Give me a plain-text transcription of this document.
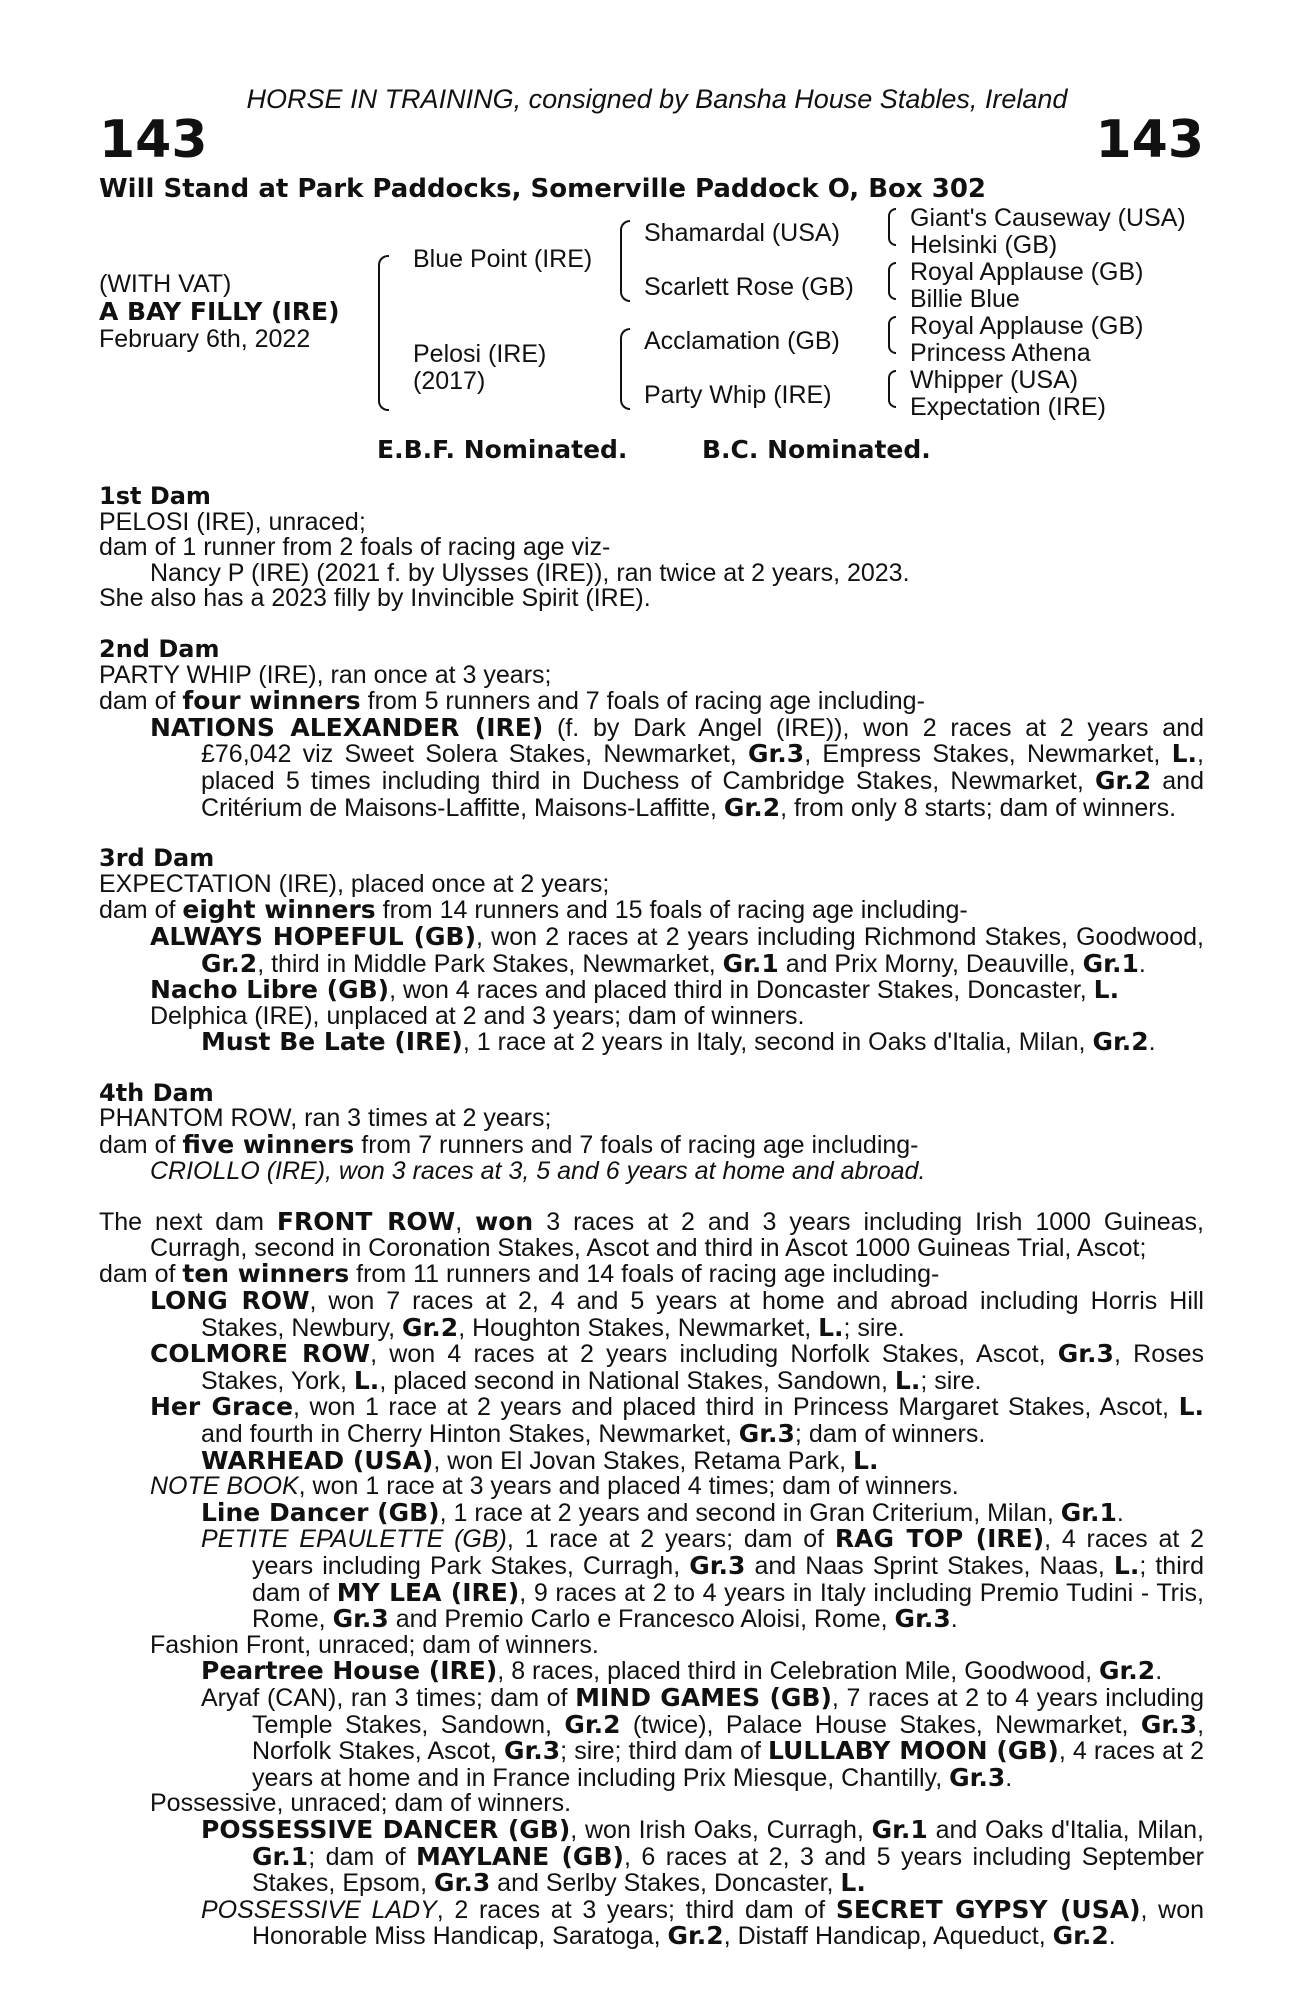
HORSE IN TRAINING, consigned by Bansha House Stables, Ireland
143	143
Will Stand at Park Paddocks, Somerville Paddock O, Box 302
(WITH VAT)
A BAY FILLY (IRE)
February 6th, 2022
Blue Point (IRE)
Pelosi (IRE)
(2017)
Shamardal (USA)
Scarlett Rose (GB)
Acclamation (GB)
Party Whip (IRE)
Giant's Causeway (USA)
Helsinki (GB)
Royal Applause (GB)
Billie Blue
Royal Applause (GB)
Princess Athena
Whipper (USA)
Expectation (IRE)
E.B.F. Nominated.	B.C. Nominated.

1st Dam

PELOSI (IRE), unraced;

dam of 1 runner from 2 foals of racing age viz-

Nancy P (IRE) (2021 f. by Ulysses (IRE)), ran twice at 2 years, 2023.

She also has a 2023 filly by Invincible Spirit (IRE).

2nd Dam

PARTY WHIP (IRE), ran once at 3 years;

dam of four winners from 5 runners and 7 foals of racing age including-

NATIONS ALEXANDER (IRE) (f. by Dark Angel (IRE)), won 2 races at 2 years and £76,042 viz Sweet Solera Stakes, Newmarket, Gr.3, Empress Stakes, Newmarket, L., placed 5 times including third in Duchess of Cambridge Stakes, Newmarket, Gr.2 and Critérium de Maisons-Laffitte, Maisons-Laffitte, Gr.2, from only 8 starts; dam of winners.

3rd Dam

EXPECTATION (IRE), placed once at 2 years;

dam of eight winners from 14 runners and 15 foals of racing age including-

ALWAYS HOPEFUL (GB), won 2 races at 2 years including Richmond Stakes, Goodwood, Gr.2, third in Middle Park Stakes, Newmarket, Gr.1 and Prix Morny, Deauville, Gr.1.

Nacho Libre (GB), won 4 races and placed third in Doncaster Stakes, Doncaster, L.

Delphica (IRE), unplaced at 2 and 3 years; dam of winners.

Must Be Late (IRE), 1 race at 2 years in Italy, second in Oaks d'Italia, Milan, Gr.2.

4th Dam

PHANTOM ROW, ran 3 times at 2 years;

dam of five winners from 7 runners and 7 foals of racing age including-

CRIOLLO (IRE), won 3 races at 3, 5 and 6 years at home and abroad.

The next dam FRONT ROW, won 3 races at 2 and 3 years including Irish 1000 Guineas, Curragh, second in Coronation Stakes, Ascot and third in Ascot 1000 Guineas Trial, Ascot;

dam of ten winners from 11 runners and 14 foals of racing age including-

LONG ROW, won 7 races at 2, 4 and 5 years at home and abroad including Horris Hill Stakes, Newbury, Gr.2, Houghton Stakes, Newmarket, L.; sire.

COLMORE ROW, won 4 races at 2 years including Norfolk Stakes, Ascot, Gr.3, Roses Stakes, York, L., placed second in National Stakes, Sandown, L.; sire.

Her Grace, won 1 race at 2 years and placed third in Princess Margaret Stakes, Ascot, L. and fourth in Cherry Hinton Stakes, Newmarket, Gr.3; dam of winners.

WARHEAD (USA), won El Jovan Stakes, Retama Park, L.

NOTE BOOK, won 1 race at 3 years and placed 4 times; dam of winners.

Line Dancer (GB), 1 race at 2 years and second in Gran Criterium, Milan, Gr.1.

PETITE EPAULETTE (GB), 1 race at 2 years; dam of RAG TOP (IRE), 4 races at 2 years including Park Stakes, Curragh, Gr.3 and Naas Sprint Stakes, Naas, L.; third dam of MY LEA (IRE), 9 races at 2 to 4 years in Italy including Premio Tudini - Tris, Rome, Gr.3 and Premio Carlo e Francesco Aloisi, Rome, Gr.3.

Fashion Front, unraced; dam of winners.

Peartree House (IRE), 8 races, placed third in Celebration Mile, Goodwood, Gr.2.

Aryaf (CAN), ran 3 times; dam of MIND GAMES (GB), 7 races at 2 to 4 years including Temple Stakes, Sandown, Gr.2 (twice), Palace House Stakes, Newmarket, Gr.3, Norfolk Stakes, Ascot, Gr.3; sire; third dam of LULLABY MOON (GB), 4 races at 2 years at home and in France including Prix Miesque, Chantilly, Gr.3.

Possessive, unraced; dam of winners.

POSSESSIVE DANCER (GB), won Irish Oaks, Curragh, Gr.1 and Oaks d'Italia, Milan, Gr.1; dam of MAYLANE (GB), 6 races at 2, 3 and 5 years including September Stakes, Epsom, Gr.3 and Serlby Stakes, Doncaster, L.

POSSESSIVE LADY, 2 races at 3 years; third dam of SECRET GYPSY (USA), won Honorable Miss Handicap, Saratoga, Gr.2, Distaff Handicap, Aqueduct, Gr.2.
